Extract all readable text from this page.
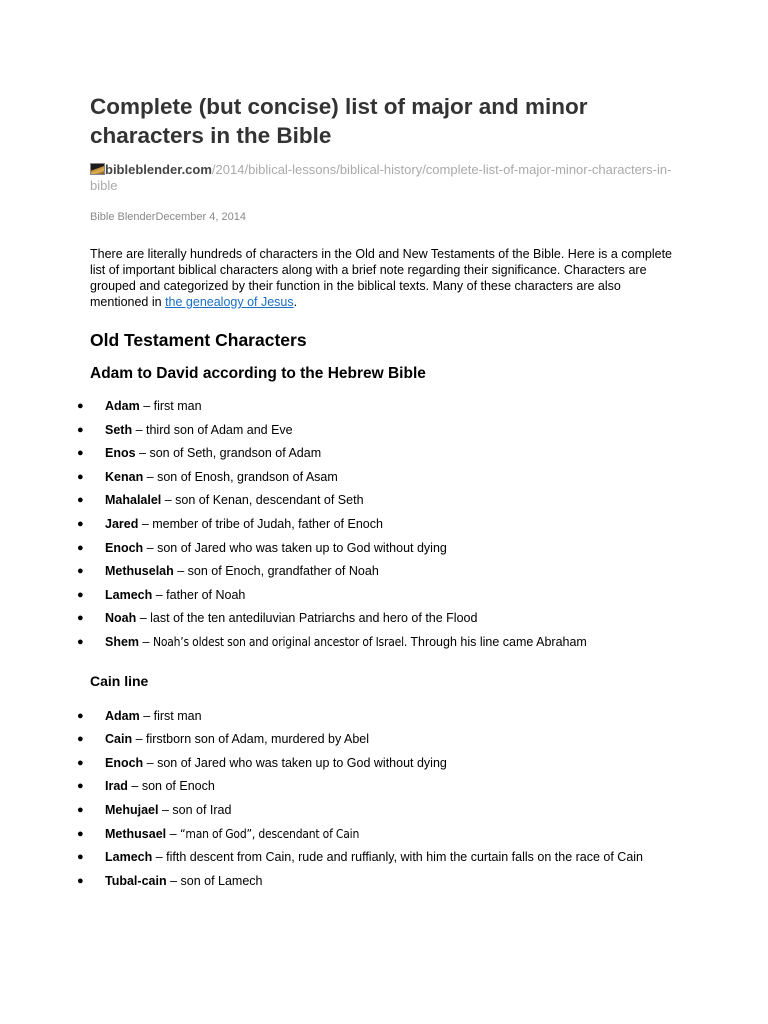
Complete (but concise) list of major and minor characters in the Bible
bibleblender.com/2014/biblical-lessons/biblical-history/complete-list-of-major-minor-characters-in-bible
Bible BlenderDecember 4, 2014

There are literally hundreds of characters in the Old and New Testaments of the Bible. Here is a complete list of important biblical characters along with a brief note regarding their significance. Characters are grouped and categorized by their function in the biblical texts. Many of these characters are also mentioned in the genealogy of Jesus.

Old Testament Characters
Adam to David according to the Hebrew Bible
● Adam – first man
● Seth – third son of Adam and Eve
● Enos – son of Seth, grandson of Adam
● Kenan – son of Enosh, grandson of Asam
● Mahalalel – son of Kenan, descendant of Seth
● Jared – member of tribe of Judah, father of Enoch
● Enoch – son of Jared who was taken up to God without dying
● Methuselah – son of Enoch, grandfather of Noah
● Lamech – father of Noah
● Noah – last of the ten antediluvian Patriarchs and hero of the Flood
● Shem – Noah’s oldest son and original ancestor of Israel. Through his line came Abraham
Cain line
● Adam – first man
● Cain – firstborn son of Adam, murdered by Abel
● Enoch – son of Jared who was taken up to God without dying
● Irad – son of Enoch
● Mehujael – son of Irad
● Methusael – “man of God”, descendant of Cain
● Lamech – fifth descent from Cain, rude and ruffianly, with him the curtain falls on the race of Cain
● Tubal-cain – son of Lamech
